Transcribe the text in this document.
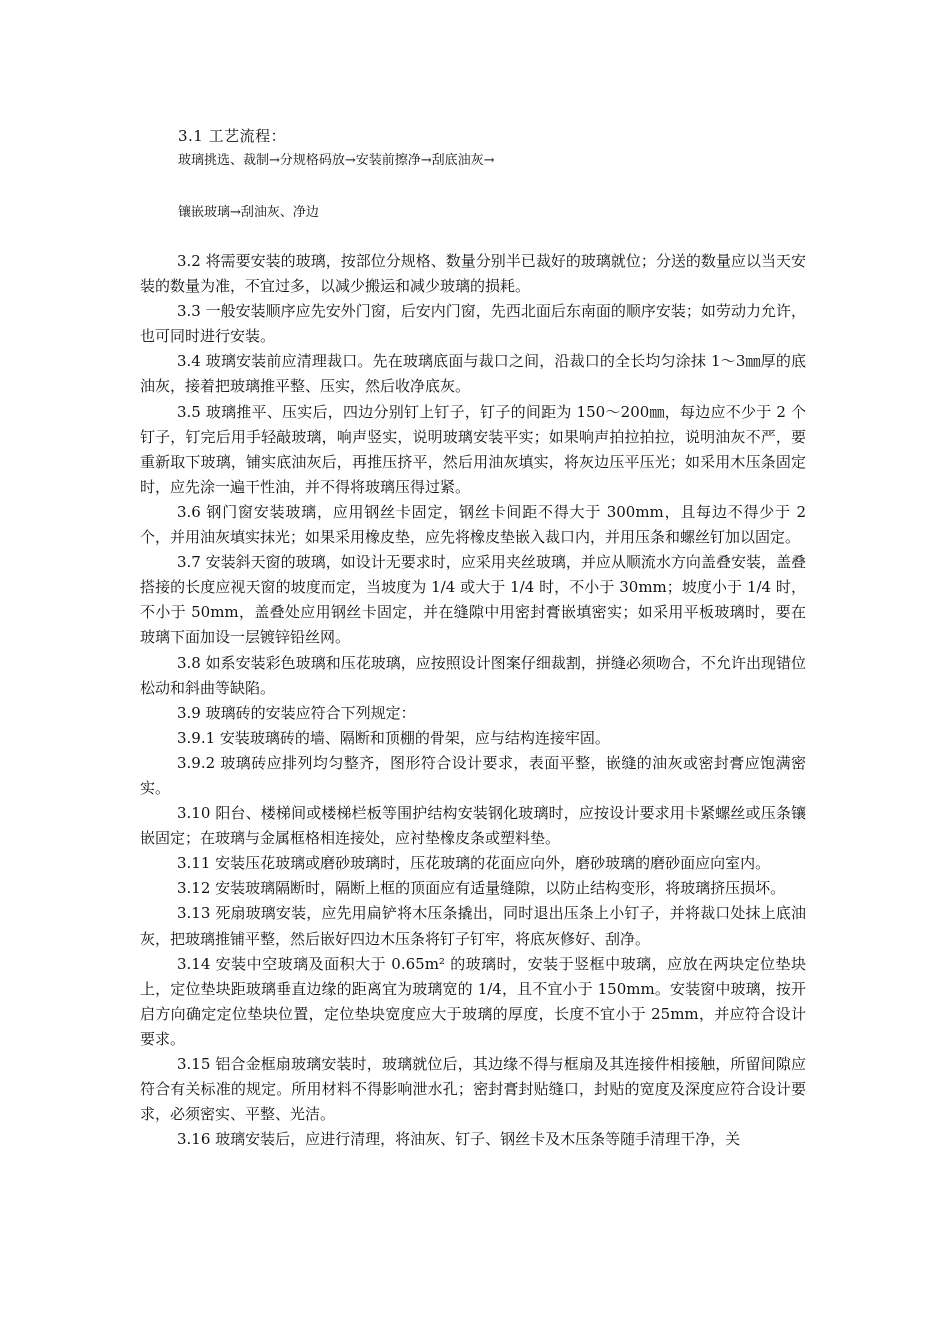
3.1 工艺流程：
玻璃挑选、裁制→分规格码放→安装前擦净→刮底油灰→
镶嵌玻璃→刮油灰、净边

3.2 将需要安装的玻璃，按部位分规格、数量分别半已裁好的玻璃就位；分送的数量应以当天安装的数量为准，不宜过多，以减少搬运和减少玻璃的损耗。

3.3 一般安装顺序应先安外门窗，后安内门窗，先西北面后东南面的顺序安装；如劳动力允许，也可同时进行安装。

3.4 玻璃安装前应清理裁口。先在玻璃底面与裁口之间，沿裁口的全长均匀涂抹 1～3㎜厚的底油灰，接着把玻璃推平整、压实，然后收净底灰。

3.5 玻璃推平、压实后，四边分别钉上钉子，钉子的间距为 150～200㎜，每边应不少于 2 个钉子，钉完后用手轻敲玻璃，响声竖实，说明玻璃安装平实；如果响声拍拉拍拉，说明油灰不严，要重新取下玻璃，铺实底油灰后，再推压挤平，然后用油灰填实，将灰边压平压光；如采用木压条固定时，应先涂一遍干性油，并不得将玻璃压得过紧。

3.6 钢门窗安装玻璃，应用钢丝卡固定，钢丝卡间距不得大于 300mm，且每边不得少于 2 个，并用油灰填实抹光；如果采用橡皮垫，应先将橡皮垫嵌入裁口内，并用压条和螺丝钉加以固定。

3.7 安装斜天窗的玻璃，如设计无要求时，应采用夹丝玻璃，并应从顺流水方向盖叠安装，盖叠搭接的长度应视天窗的坡度而定，当坡度为 1/4 或大于 1/4 时，不小于 30mm；坡度小于 1/4 时，不小于 50mm，盖叠处应用钢丝卡固定，并在缝隙中用密封膏嵌填密实；如采用平板玻璃时，要在玻璃下面加设一层镀锌铅丝网。

3.8 如系安装彩色玻璃和压花玻璃，应按照设计图案仔细裁割，拼缝必须吻合，不允许出现错位松动和斜曲等缺陷。

3.9 玻璃砖的安装应符合下列规定：

3.9.1 安装玻璃砖的墙、隔断和顶棚的骨架，应与结构连接牢固。

3.9.2 玻璃砖应排列均匀整齐，图形符合设计要求，表面平整，嵌缝的油灰或密封膏应饱满密实。

3.10 阳台、楼梯间或楼梯栏板等围护结构安装钢化玻璃时，应按设计要求用卡紧螺丝或压条镶嵌固定；在玻璃与金属框格相连接处，应衬垫橡皮条或塑料垫。

3.11 安装压花玻璃或磨砂玻璃时，压花玻璃的花面应向外，磨砂玻璃的磨砂面应向室内。

3.12 安装玻璃隔断时，隔断上框的顶面应有适量缝隙，以防止结构变形，将玻璃挤压损坏。

3.13 死扇玻璃安装，应先用扁铲将木压条撬出，同时退出压条上小钉子，并将裁口处抹上底油灰，把玻璃推铺平整，然后嵌好四边木压条将钉子钉牢，将底灰修好、刮净。

3.14 安装中空玻璃及面积大于 0.65m² 的玻璃时，安装于竖框中玻璃，应放在两块定位垫块上，定位垫块距玻璃垂直边缘的距离宜为玻璃宽的 1/4，且不宜小于 150mm。安装窗中玻璃，按开启方向确定定位垫块位置，定位垫块宽度应大于玻璃的厚度，长度不宜小于 25mm，并应符合设计要求。

3.15 铝合金框扇玻璃安装时，玻璃就位后，其边缘不得与框扇及其连接件相接触，所留间隙应符合有关标准的规定。所用材料不得影响泄水孔；密封膏封贴缝口，封贴的宽度及深度应符合设计要求，必须密实、平整、光洁。

3.16 玻璃安装后，应进行清理，将油灰、钉子、钢丝卡及木压条等随手清理干净，关
